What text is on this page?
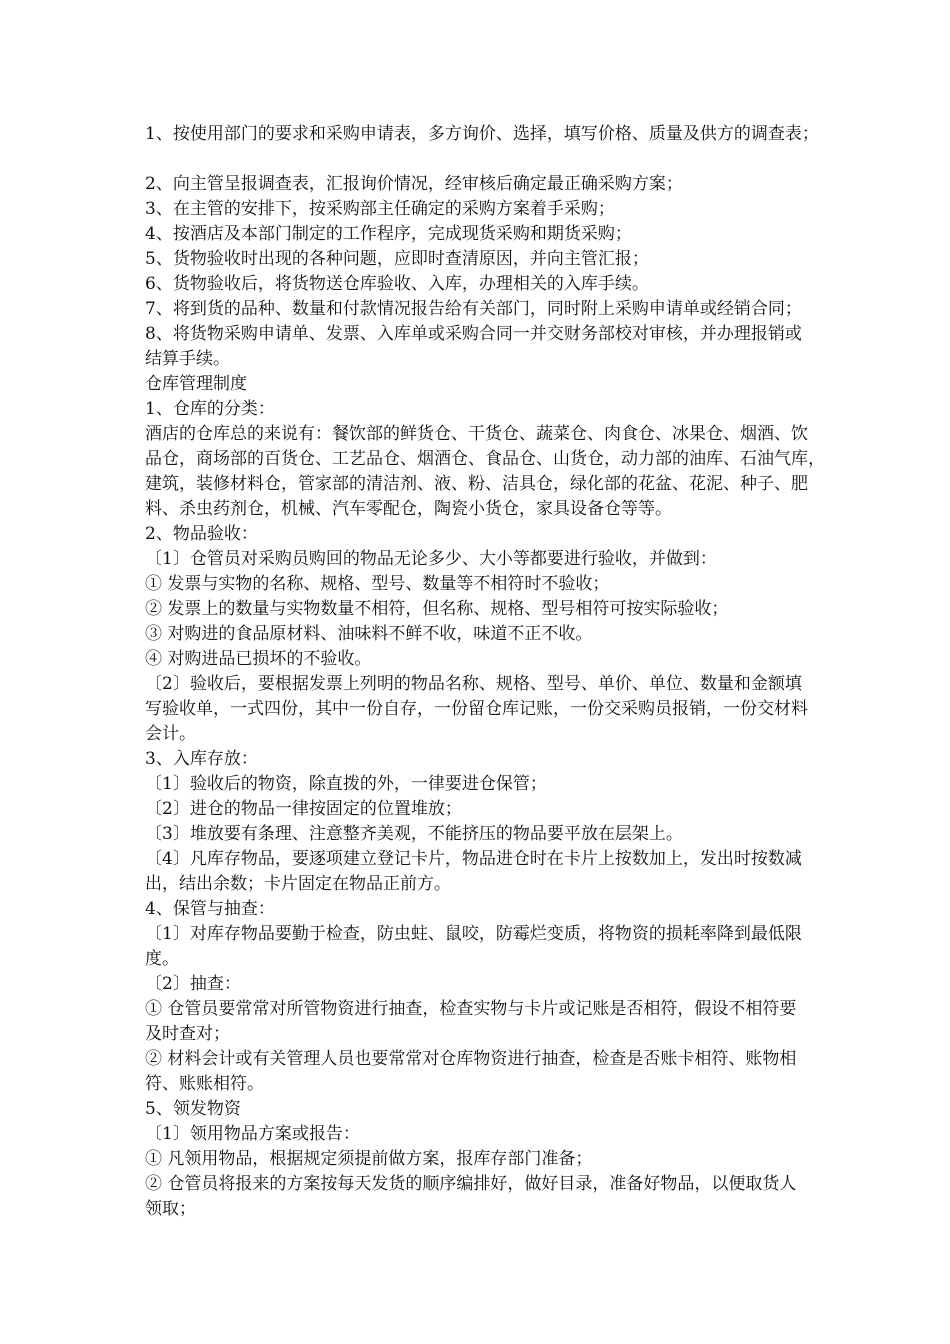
1、按使用部门的要求和采购申请表，多方询价、选择，填写价格、质量及供方的调查表；
2、向主管呈报调查表，汇报询价情况，经审核后确定最正确采购方案；
3、在主管的安排下，按采购部主任确定的采购方案着手采购；
4、按酒店及本部门制定的工作程序，完成现货采购和期货采购；
5、货物验收时出现的各种问题，应即时查清原因，并向主管汇报；
6、货物验收后，将货物送仓库验收、入库，办理相关的入库手续。
7、将到货的品种、数量和付款情况报告给有关部门，同时附上采购申请单或经销合同；
8、将货物采购申请单、发票、入库单或采购合同一并交财务部校对审核，并办理报销或
结算手续。
仓库管理制度
1、仓库的分类：
酒店的仓库总的来说有：餐饮部的鲜货仓、干货仓、蔬菜仓、肉食仓、冰果仓、烟酒、饮
品仓，商场部的百货仓、工艺品仓、烟酒仓、食品仓、山货仓，动力部的油库、石油气库，
建筑，装修材料仓，管家部的清洁剂、液、粉、洁具仓，绿化部的花盆、花泥、种子、肥
料、杀虫药剂仓，机械、汽车零配仓，陶瓷小货仓，家具设备仓等等。
2、物品验收：
〔1〕仓管员对采购员购回的物品无论多少、大小等都要进行验收，并做到：
① 发票与实物的名称、规格、型号、数量等不相符时不验收；
② 发票上的数量与实物数量不相符，但名称、规格、型号相符可按实际验收；
③ 对购进的食品原材料、油味料不鲜不收，味道不正不收。
④ 对购进品已损坏的不验收。
〔2〕验收后，要根据发票上列明的物品名称、规格、型号、单价、单位、数量和金额填
写验收单，一式四份，其中一份自存，一份留仓库记账，一份交采购员报销，一份交材料
会计。
3、入库存放：
〔1〕验收后的物资，除直拨的外，一律要进仓保管；
〔2〕进仓的物品一律按固定的位置堆放；
〔3〕堆放要有条理、注意整齐美观，不能挤压的物品要平放在层架上。
〔4〕凡库存物品，要逐项建立登记卡片，物品进仓时在卡片上按数加上，发出时按数减
出，结出余数；卡片固定在物品正前方。
4、保管与抽查：
〔1〕对库存物品要勤于检查，防虫蛀、鼠咬，防霉烂变质，将物资的损耗率降到最低限
度。
〔2〕抽查：
① 仓管员要常常对所管物资进行抽查，检查实物与卡片或记账是否相符，假设不相符要
及时查对；
② 材料会计或有关管理人员也要常常对仓库物资进行抽查，检查是否账卡相符、账物相
符、账账相符。
5、领发物资
〔1〕领用物品方案或报告：
① 凡领用物品，根据规定须提前做方案，报库存部门准备；
② 仓管员将报来的方案按每天发货的顺序编排好，做好目录，准备好物品，以便取货人
领取；
